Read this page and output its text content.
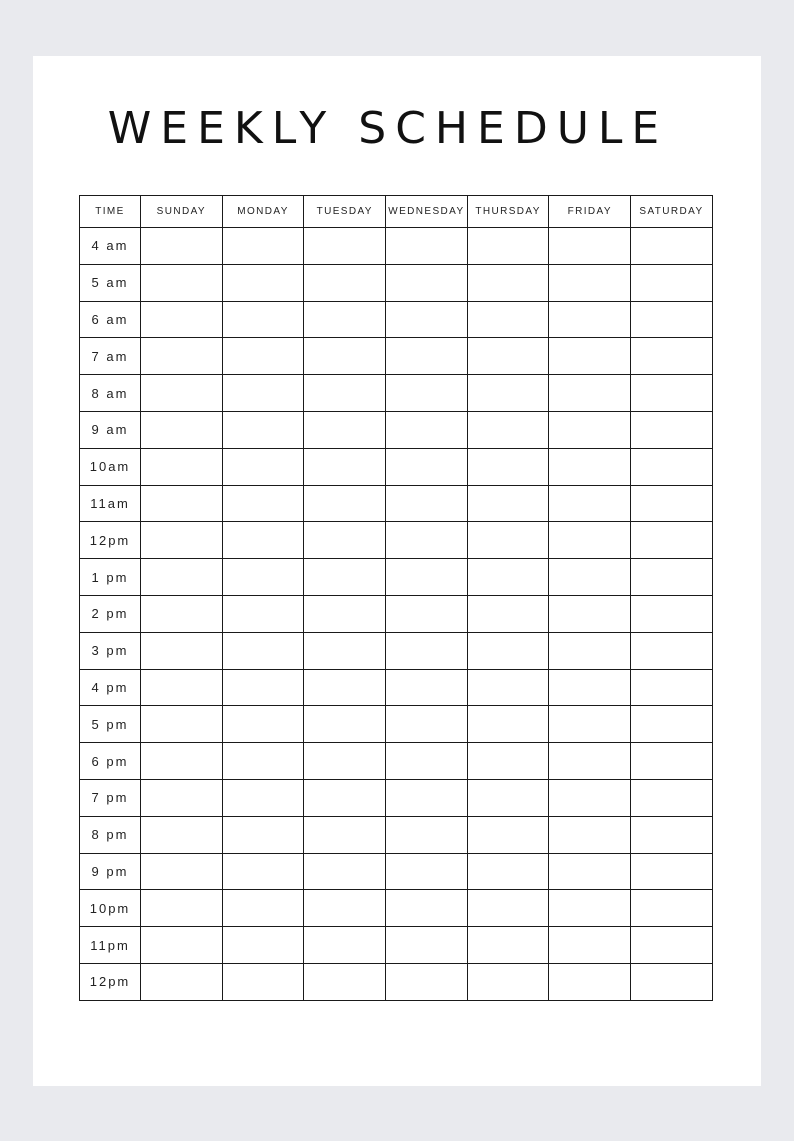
WEEKLY SCHEDULE
TIME	SUNDAY	MONDAY	TUESDAY	WEDNESDAY	THURSDAY	FRIDAY	SATURDAY
4 am							
5 am							
6 am							
7 am							
8 am							
9 am							
10am							
11am							
12pm							
1 pm							
2 pm							
3 pm							
4 pm							
5 pm							
6 pm							
7 pm							
8 pm							
9 pm							
10pm							
11pm							
12pm							
